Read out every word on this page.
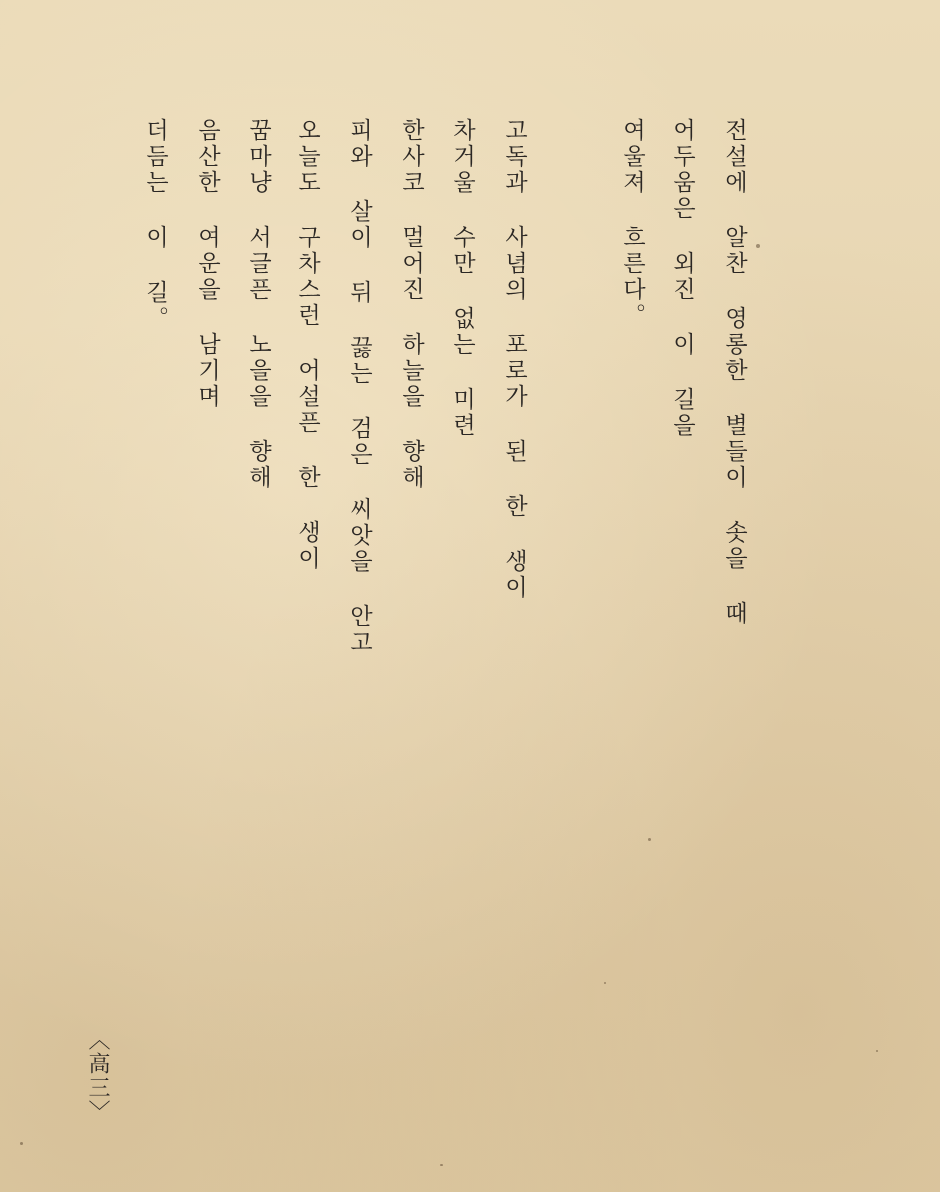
전설에 알찬 영롱한 별들이 솟을 때
어두움은 외진 이 길을
여울져 흐른다。
고독과 사념의 포로가 된 한 생이
차거울 수만 없는 미련
한사코 멀어진 하늘을 향해
피와 살이 뒤 끓는 검은 씨앗을 안고
오늘도 구차스런 어설픈 한 생이
꿈마냥 서글픈 노을을 향해
음산한 여운을 남기며
더듬는 이 길。
〈高三〉
